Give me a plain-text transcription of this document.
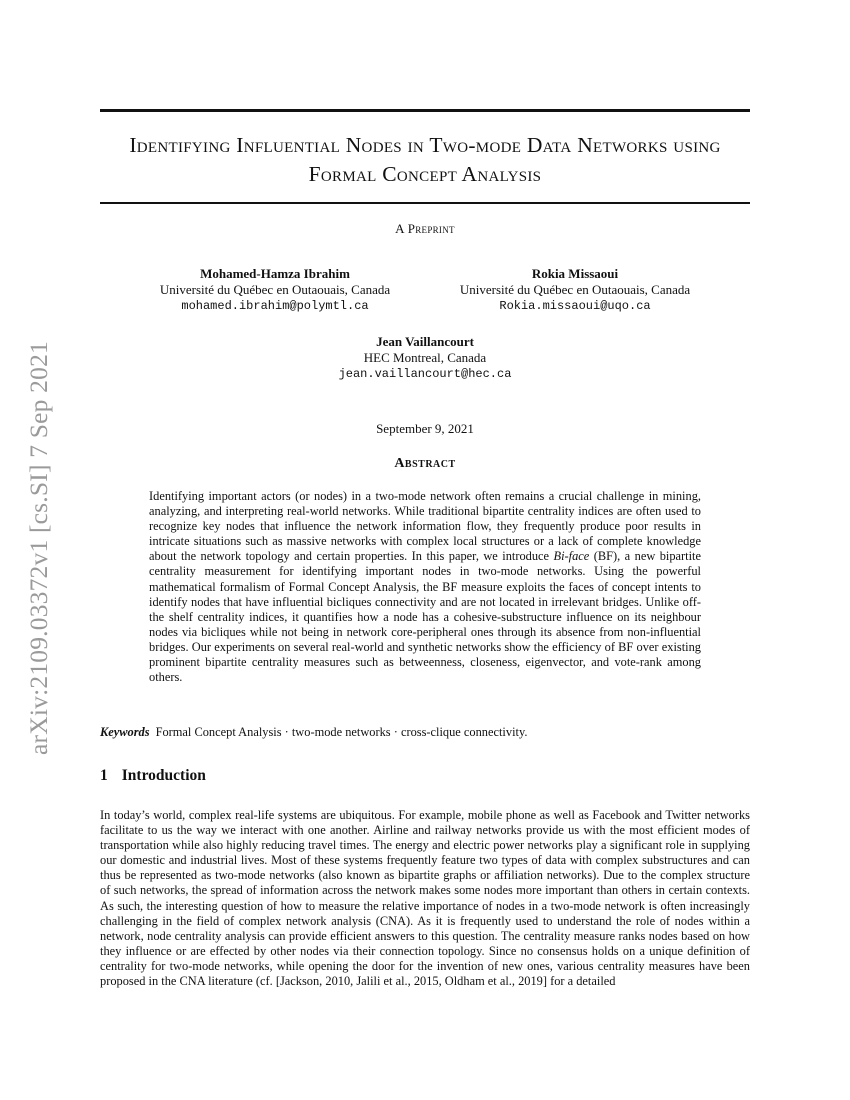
arXiv:2109.03372v1 [cs.SI] 7 Sep 2021
Identifying Influential Nodes in Two-mode Data Networks using Formal Concept Analysis
A Preprint
Mohamed-Hamza Ibrahim
Université du Québec en Outaouais, Canada
mohamed.ibrahim@polymtl.ca
Rokia Missaoui
Université du Québec en Outaouais, Canada
Rokia.missaoui@uqo.ca
Jean Vaillancourt
HEC Montreal, Canada
jean.vaillancourt@hec.ca
September 9, 2021
Abstract

Identifying important actors (or nodes) in a two-mode network often remains a crucial challenge in mining, analyzing, and interpreting real-world networks. While traditional bipartite centrality indices are often used to recognize key nodes that influence the network information flow, they frequently produce poor results in intricate situations such as massive networks with complex local structures or a lack of complete knowledge about the network topology and certain properties. In this paper, we introduce Bi-face (BF), a new bipartite centrality measurement for identifying important nodes in two-mode networks. Using the powerful mathematical formalism of Formal Concept Analysis, the BF measure exploits the faces of concept intents to identify nodes that have influential bicliques connectivity and are not located in irrelevant bridges. Unlike off-the shelf centrality indices, it quantifies how a node has a cohesive-substructure influence on its neighbour nodes via bicliques while not being in network core-peripheral ones through its absence from non-influential bridges. Our experiments on several real-world and synthetic networks show the efficiency of BF over existing prominent bipartite centrality measures such as betweenness, closeness, eigenvector, and vote-rank among others.

Keywords Formal Concept Analysis · two-mode networks · cross-clique connectivity.
1 Introduction

In today’s world, complex real-life systems are ubiquitous. For example, mobile phone as well as Facebook and Twitter networks facilitate to us the way we interact with one another. Airline and railway networks provide us with the most efficient modes of transportation while also highly reducing travel times. The energy and electric power networks play a significant role in supplying our domestic and industrial lives. Most of these systems frequently feature two types of data with complex substructures and can thus be represented as two-mode networks (also known as bipartite graphs or affiliation networks). Due to the complex structure of such networks, the spread of information across the network makes some nodes more important than others in certain contexts. As such, the interesting question of how to measure the relative importance of nodes in a two-mode network is often increasingly challenging in the field of complex network analysis (CNA). As it is frequently used to understand the role of nodes within a network, node centrality analysis can provide efficient answers to this question. The centrality measure ranks nodes based on how they influence or are effected by other nodes via their connection topology. Since no consensus holds on a unique definition of centrality for two-mode networks, while opening the door for the invention of new ones, various centrality measures have been proposed in the CNA literature (cf. [Jackson, 2010, Jalili et al., 2015, Oldham et al., 2019] for a detailed
